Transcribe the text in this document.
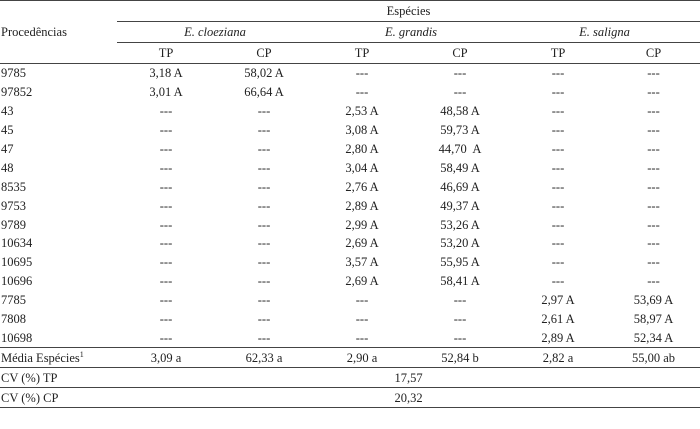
Procedências	Espécies					
	E. cloeziana		E. grandis		E. saligna	
	TP	CP	TP	CP	TP	CP
9785	3,18 A	58,02 A	---	---	---	---
97852	3,01 A	66,64 A	---	---	---	---
43	---	---	2,53 A	48,58 A	---	---
45	---	---	3,08 A	59,73 A	---	---
47	---	---	2,80 A	44,70  A	---	---
48	---	---	3,04 A	58,49 A	---	---
8535	---	---	2,76 A	46,69 A	---	---
9753	---	---	2,89 A	49,37 A	---	---
9789	---	---	2,99 A	53,26 A	---	---
10634	---	---	2,69 A	53,20 A	---	---
10695	---	---	3,57 A	55,95 A	---	---
10696	---	---	2,69 A	58,41 A	---	---
7785	---	---	---	---	2,97 A	53,69 A
7808	---	---	---	---	2,61 A	58,97 A
10698	---	---	---	---	2,89 A	52,34 A
Média Espécies$^1$	3,09 a	62,33 a	2,90 a	52,84 b	2,82 a	55,00 ab
CV (%) TP	17,57					
CV (%) CP	20,32					
